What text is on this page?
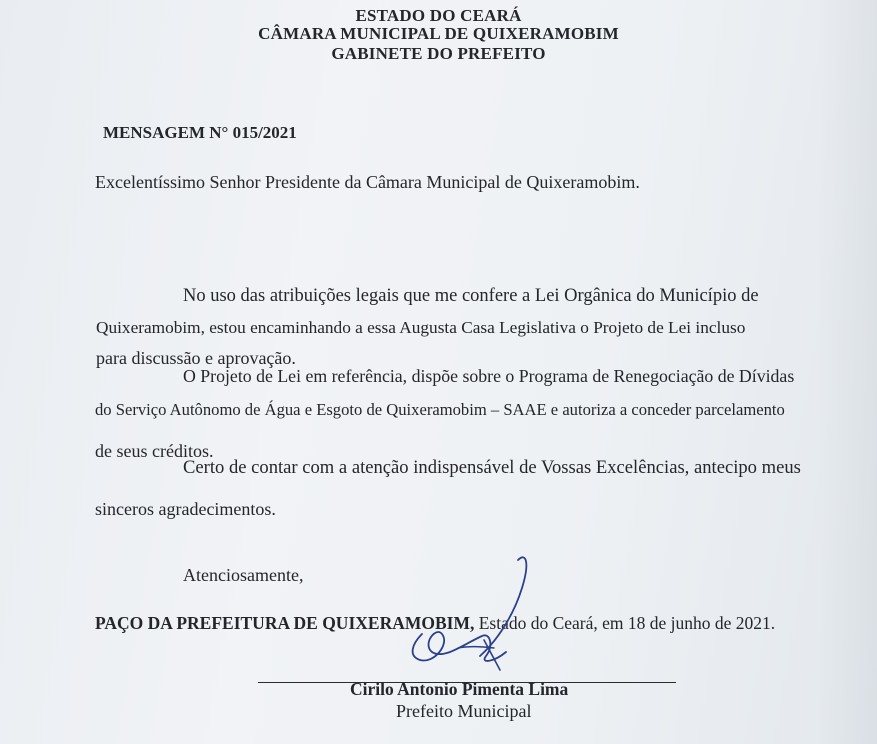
ESTADO DO CEARÁ
CÂMARA MUNICIPAL DE QUIXERAMOBIM
GABINETE DO PREFEITO
MENSAGEM N° 015/2021
Excelentíssimo Senhor Presidente da Câmara Municipal de Quixeramobim.
No uso das atribuições legais que me confere a Lei Orgânica do Município de
Quixeramobim, estou encaminhando a essa Augusta Casa Legislativa o Projeto de Lei incluso
para discussão e aprovação.
O Projeto de Lei em referência, dispõe sobre o Programa de Renegociação de Dívidas
do Serviço Autônomo de Água e Esgoto de Quixeramobim – SAAE e autoriza a conceder parcelamento
de seus créditos.
Certo de contar com a atenção indispensável de Vossas Excelências, antecipo meus
sinceros agradecimentos.
Atenciosamente,
PAÇO DA PREFEITURA DE QUIXERAMOBIM, Estado do Ceará, em 18 de junho de 2021.
Cirilo Antonio Pimenta Lima
Prefeito Municipal
